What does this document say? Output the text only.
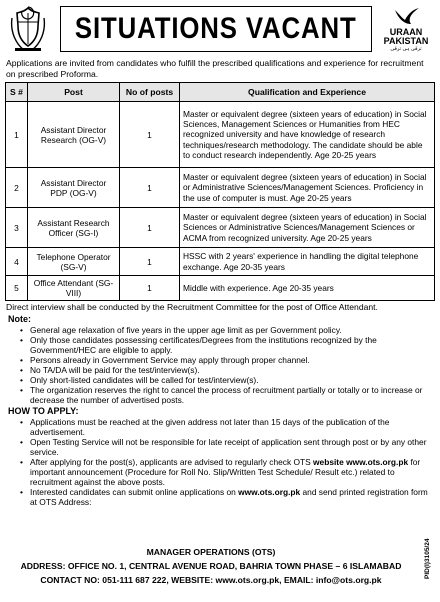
SITUATIONS VACANT	URAAN
PAKISTAN
ترقی ہی ترقی
Applications are invited from candidates who fulfill the prescribed qualifications and experience for recruitment on prescribed Proforma.
S #	Post	No of posts	Qualification and Experience
1	Assistant Director Research (OG-V)	1	Master or equivalent degree (sixteen years of education) in Social Sciences, Management Sciences or Humanities from HEC recognized university and have knowledge of research techniques/research methodology. The candidate should be able to conduct research independently. Age 20-25 years
2	Assistant Director PDP (OG-V)	1	Master or equivalent degree (sixteen years of education) in Social or Administrative Sciences/Management Sciences. Proficiency in the use of computer is must. Age 20-25 years
3	Assistant Research Officer (SG-I)	1	Master or equivalent degree (sixteen years of education) in Social Sciences or Administrative Sciences/Management Sciences or ACMA from recognized university. Age 20-25 years
4	Telephone Operator (SG-V)	1	HSSC with 2 years' experience in handling the digital telephone exchange. Age 20-35 years
5	Office Attendant (SG-VIII)	1	Middle with experience. Age 20-35 years
Direct interview shall be conducted by the Recruitment Committee for the post of Office Attendant.
Note:
• General age relaxation of five years in the upper age limit as per Government policy.
• Only those candidates possessing certificates/Degrees from the institutions recognized by the Government/HEC are eligible to apply.
• Persons already in Government Service may apply through proper channel.
• No TA/DA will be paid for the test/interview(s).
• Only short-listed candidates will be called for test/interview(s).
• The organization reserves the right to cancel the process of recruitment partially or totally or to increase or decrease the number of advertised posts.
HOW TO APPLY:
• Applications must be reached at the given address not later than 15 days of the publication of the advertisement.
• Open Testing Service will not be responsible for late receipt of application sent through post or by any other service.
• After applying for the post(s), applicants are advised to regularly check OTS website www.ots.org.pk for important announcement (Procedure for Roll No. Slip/Written Test Schedule/ Result etc.) related to recruitment against the above posts.
• Interested candidates can submit online applications on www.ots.org.pk and send printed registration form at OTS Address:
MANAGER OPERATIONS (OTS)
ADDRESS: OFFICE NO. 1, CENTRAL AVENUE ROAD, BAHRIA TOWN PHASE – 6 ISLAMABAD
CONTACT NO: 051-111 687 222, WEBSITE: www.ots.org.pk, EMAIL: info@ots.org.pk
PID(I)3105/24
